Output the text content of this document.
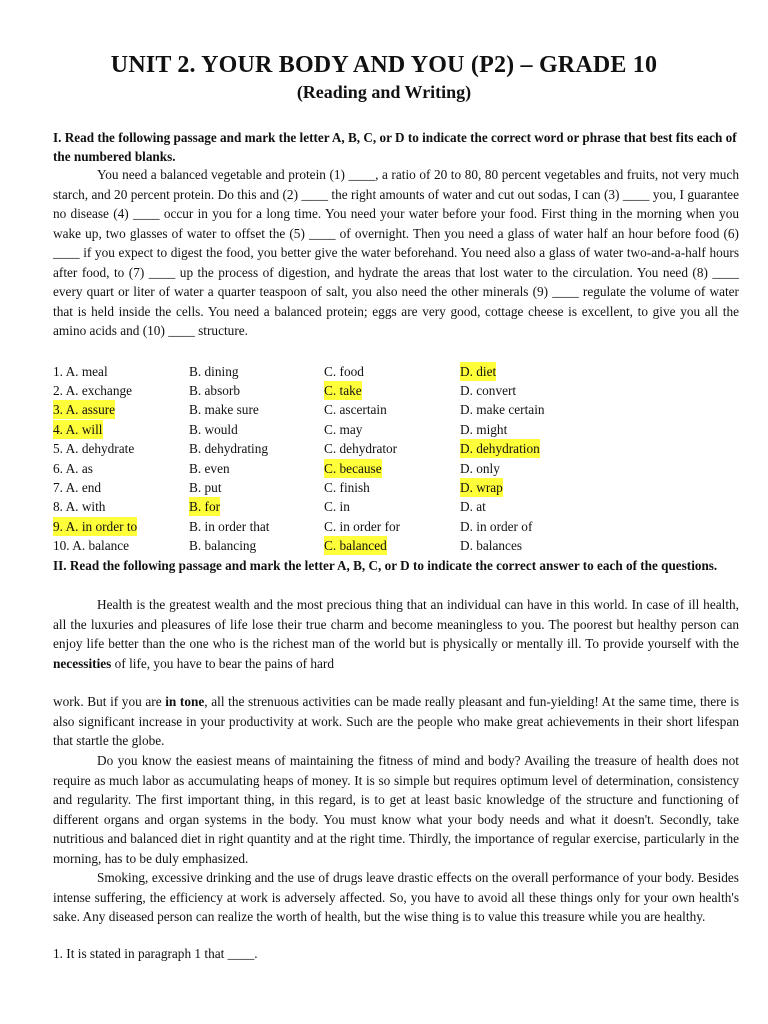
UNIT 2. YOUR BODY AND YOU (P2) – GRADE 10
(Reading and Writing)
I. Read the following passage and mark the letter A, B, C, or D to indicate the correct word or phrase that best fits each of the numbered blanks.
You need a balanced vegetable and protein (1) ____, a ratio of 20 to 80, 80 percent vegetables and fruits, not very much starch, and 20 percent protein. Do this and (2) ____ the right amounts of water and cut out sodas, I can (3) ____ you, I guarantee no disease (4) ____ occur in you for a long time. You need your water before your food. First thing in the morning when you wake up, two glasses of water to offset the (5) ____ of overnight. Then you need a glass of water half an hour before food (6) ____ if you expect to digest the food, you better give the water beforehand. You need also a glass of water two-and-a-half hours after food, to (7) ____ up the process of digestion, and hydrate the areas that lost water to the circulation. You need (8) ____ every quart or liter of water a quarter teaspoon of salt, you also need the other minerals (9) ____ regulate the volume of water that is held inside the cells. You need a balanced protein; eggs are very good, cottage cheese is excellent, to give you all the amino acids and (10) ____ structure.
1. A. meal	B. dining	C. food	D. diet
2. A. exchange	B. absorb	C. take	D. convert
3. A. assure	B. make sure	C. ascertain	D. make certain
4. A. will	B. would	C. may	D. might
5. A. dehydrate	B. dehydrating	C. dehydrator	D. dehydration
6. A. as	B. even	C. because	D. only
7. A. end	B. put	C. finish	D. wrap
8. A. with	B. for	C. in	D. at
9. A. in order to	B. in order that	C. in order for	D. in order of
10. A. balance	B. balancing	C. balanced	D. balances
II. Read the following passage and mark the letter A, B, C, or D to indicate the correct answer to each of the questions.
Health is the greatest wealth and the most precious thing that an individual can have in this world. In case of ill health, all the luxuries and pleasures of life lose their true charm and become meaningless to you. The poorest but healthy person can enjoy life better than the one who is the richest man of the world but is physically or mentally ill. To provide yourself with the necessities of life, you have to bear the pains of hard
work. But if you are in tone, all the strenuous activities can be made really pleasant and fun-yielding! At the same time, there is also significant increase in your productivity at work. Such are the people who make great achievements in their short lifespan that startle the globe.
Do you know the easiest means of maintaining the fitness of mind and body? Availing the treasure of health does not require as much labor as accumulating heaps of money. It is so simple but requires optimum level of determination, consistency and regularity. The first important thing, in this regard, is to get at least basic knowledge of the structure and functioning of different organs and organ systems in the body. You must know what your body needs and what it doesn't. Secondly, take nutritious and balanced diet in right quantity and at the right time. Thirdly, the importance of regular exercise, particularly in the morning, has to be duly emphasized.
Smoking, excessive drinking and the use of drugs leave drastic effects on the overall performance of your body. Besides intense suffering, the efficiency at work is adversely affected. So, you have to avoid all these things only for your own health's sake. Any diseased person can realize the worth of health, but the wise thing is to value this treasure while you are healthy.
1. It is stated in paragraph 1 that ____.
